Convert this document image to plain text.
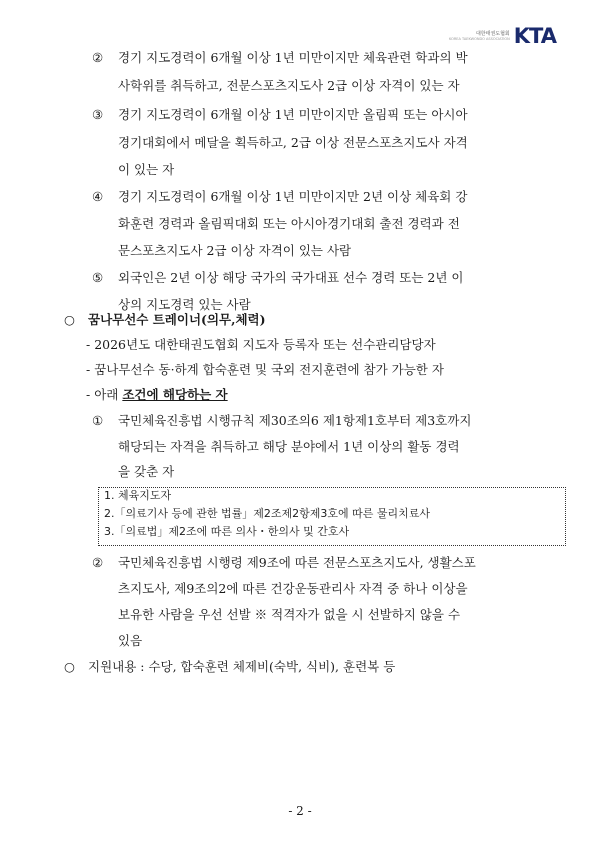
대한태권도협회
KOREA TAEKWONDO ASSOCIATION KTA
② 경기 지도경력이 6개월 이상 1년 미만이지만 체육관련 학과의 박
사학위를 취득하고, 전문스포츠지도사 2급 이상 자격이 있는 자
③ 경기 지도경력이 6개월 이상 1년 미만이지만 올림픽 또는 아시아
경기대회에서 메달을 획득하고, 2급 이상 전문스포츠지도사 자격
이 있는 자
④ 경기 지도경력이 6개월 이상 1년 미만이지만 2년 이상 체육회 강
화훈련 경력과 올림픽대회 또는 아시아경기대회 출전 경력과 전
문스포츠지도사 2급 이상 자격이 있는 사람
⑤ 외국인은 2년 이상 해당 국가의 국가대표 선수 경력 또는 2년 이
상의 지도경력 있는 사람
○ 꿈나무선수 트레이너(의무,체력)
- 2026년도 대한태권도협회 지도자 등록자 또는 선수관리담당자
- 꿈나무선수 동·하계 합숙훈련 및 국외 전지훈련에 참가 가능한 자
- 아래 조건에 해당하는 자
① 국민체육진흥법 시행규칙 제30조의6 제1항제1호부터 제3호까지
해당되는 자격을 취득하고 해당 분야에서 1년 이상의 활동 경력
을 갖춘 자
1. 체육지도자
2.「의료기사 등에 관한 법률」제2조제2항제3호에 따른 물리치료사
3.「의료법」제2조에 따른 의사・한의사 및 간호사
② 국민체육진흥법 시행령 제9조에 따른 전문스포츠지도사, 생활스포
츠지도사, 제9조의2에 따른 건강운동관리사 자격 중 하나 이상을
보유한 사람을 우선 선발 ※ 적격자가 없을 시 선발하지 않을 수
있음
○ 지원내용 : 수당, 합숙훈련 체제비(숙박, 식비), 훈련복 등
- 2 -
